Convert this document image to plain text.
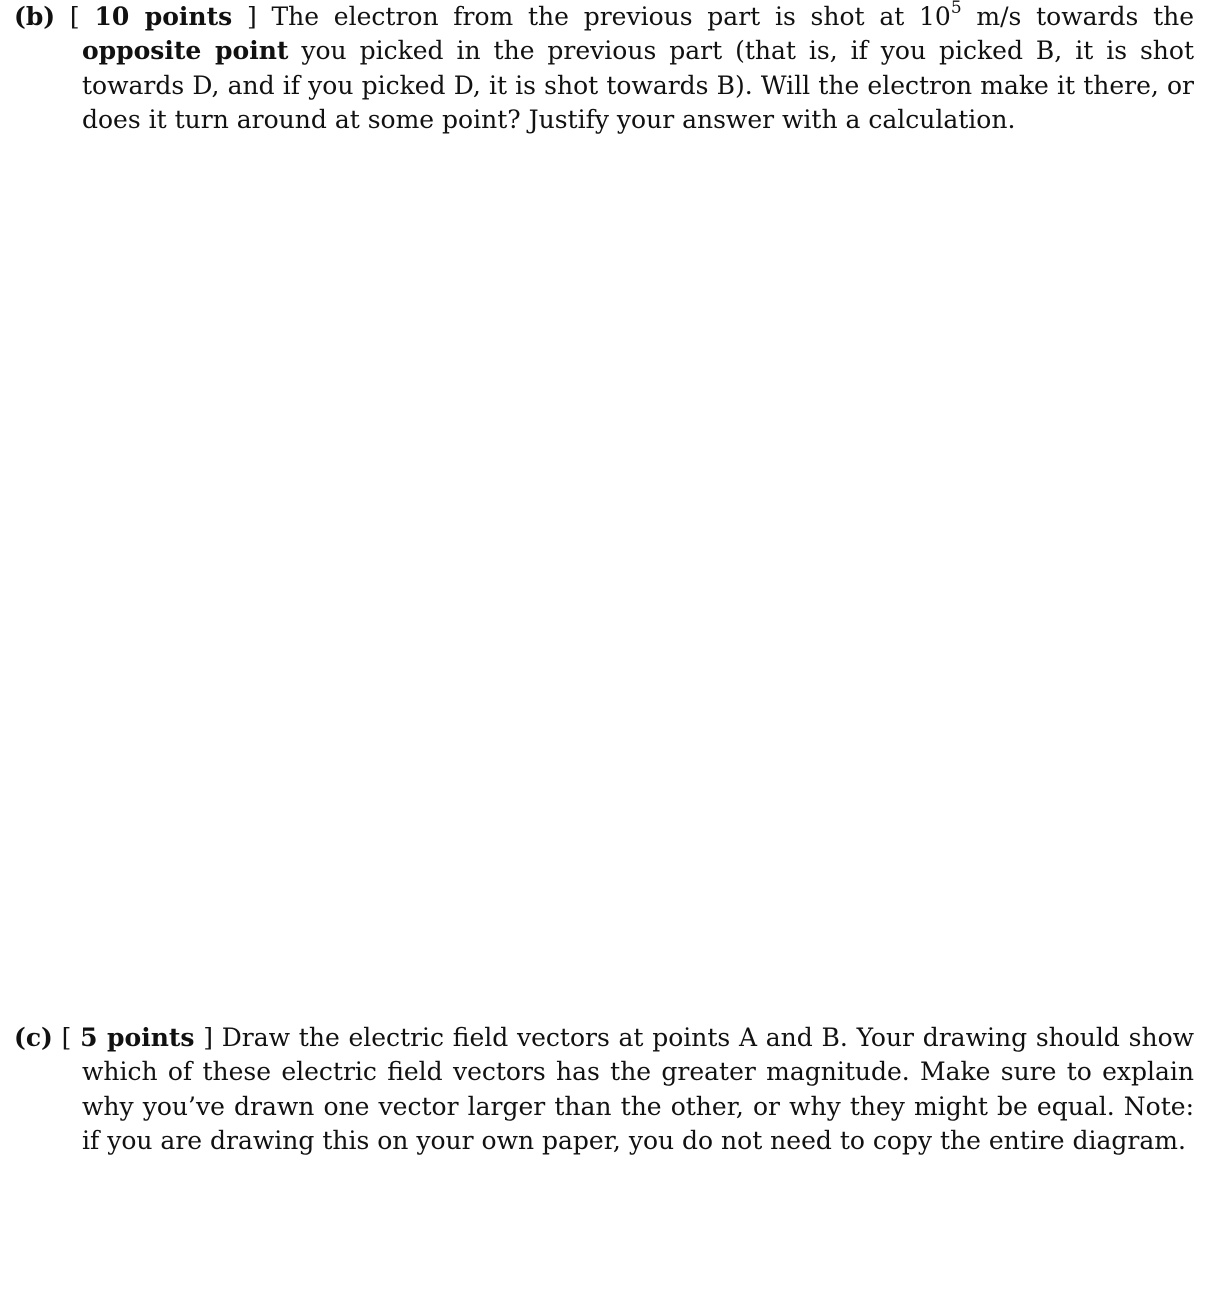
(b) [ 10 points ] The electron from the previous part is shot at $10^5$ m/s towards the opposite point you picked in the previous part (that is, if you picked B, it is shot towards D, and if you picked D, it is shot towards B). Will the electron make it there, or does it turn around at some point? Justify your answer with a calculation.

(c) [ 5 points ] Draw the electric field vectors at points A and B. Your drawing should show which of these electric field vectors has the greater magnitude. Make sure to explain why you’ve drawn one vector larger than the other, or why they might be equal. Note: if you are drawing this on your own paper, you do not need to copy the entire diagram.
